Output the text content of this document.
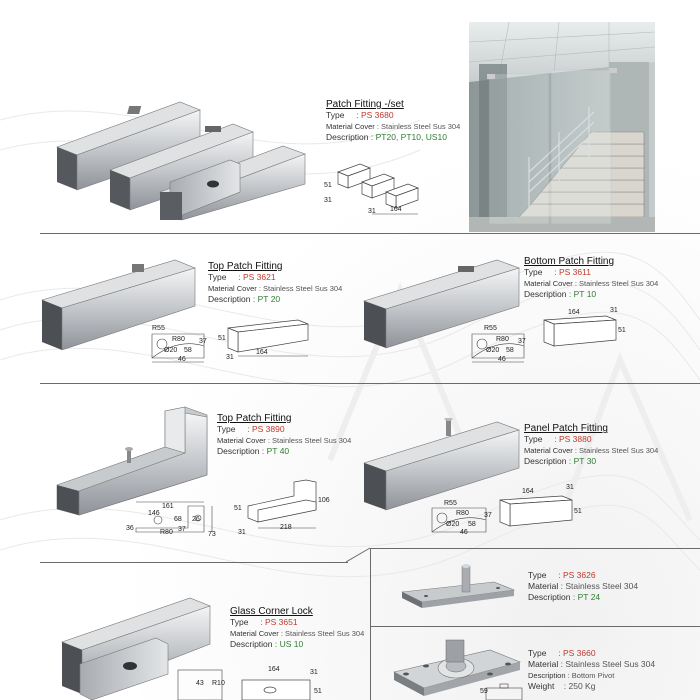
Patch Fitting -/set
Type : PS 3680
Material Cover : Stainless Steel Sus 304
Description : PT20, PT10, US10
51
31
31 164
Top Patch Fitting
Type : PS 3621
Material Cover : Stainless Steel Sus 304
Description : PT 20
R55
R80 37
Ø20 58
46
51
31
164
Bottom Patch Fitting
Type : PS 3611
Material Cover : Stainless Steel Sus 304
Description : PT 10
R55
R80 37
Ø20 58
46
164	31
51
Top Patch Fitting
Type : PS 3890
Material Cover : Stainless Steel Sus 304
Description : PT 40
161
146
68 26
36
R80 37
73
51
106
31
218
Panel Patch Fitting
Type : PS 3880
Material Cover : Stainless Steel Sus 304
Description : PT 30
R55
R80 37
Ø20 58
46
164
31
51
Glass Corner Lock
Type : PS 3651
Material Cover : Stainless Steel Sus 304
Description : US 10
43 R10
164	31
51
Type : PS 3626
Material : Stainless Steel 304
Description : PT 24
Type : PS 3660
Material : Stainless Steel Sus 304
Description : Bottom Pivot
Weight : 250 Kg
59
